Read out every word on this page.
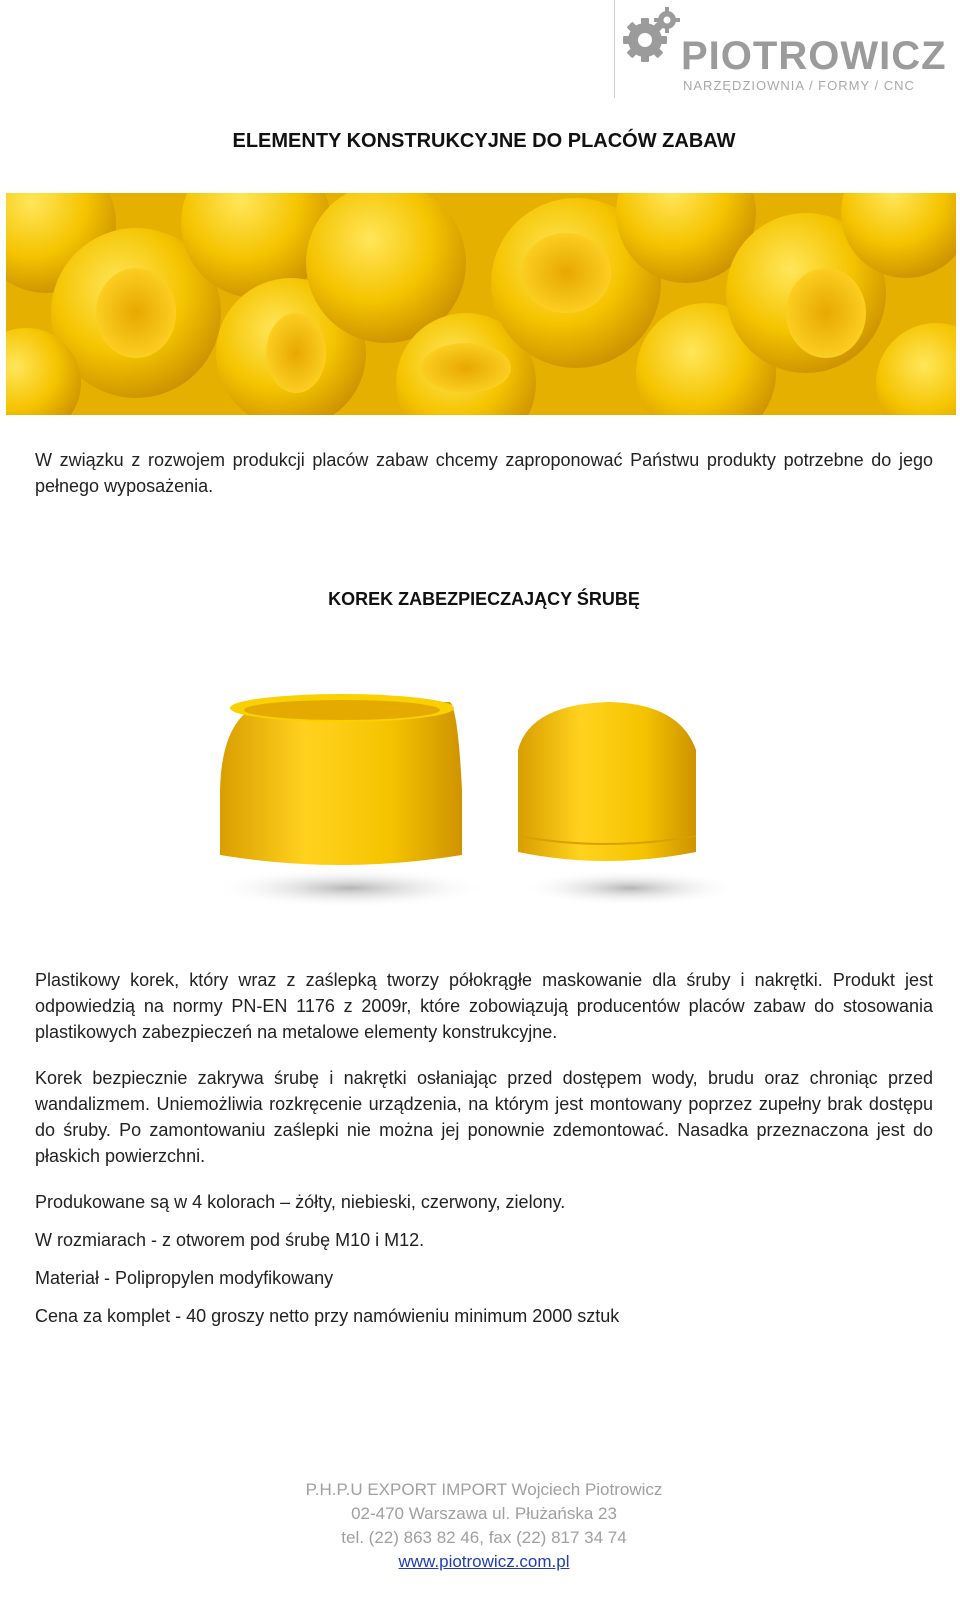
PIOTROWICZ
NARZĘDZIOWNIA / FORMY / CNC
ELEMENTY KONSTRUKCYJNE DO PLACÓW ZABAW
W związku z rozwojem produkcji placów zabaw chcemy zaproponować Państwu produkty potrzebne do jego pełnego wyposażenia.
KOREK ZABEZPIECZAJĄCY ŚRUBĘ
Plastikowy korek, który wraz z zaślepką tworzy półokrągłe maskowanie dla śruby i nakrętki. Produkt jest odpowiedzią na normy PN-EN 1176 z 2009r, które zobowiązują producentów placów zabaw do stosowania plastikowych zabezpieczeń na metalowe elementy konstrukcyjne.
Korek bezpiecznie zakrywa śrubę i nakrętki osłaniając przed dostępem wody, brudu oraz chroniąc przed wandalizmem. Uniemożliwia rozkręcenie urządzenia, na którym jest montowany poprzez zupełny brak dostępu do śruby. Po zamontowaniu zaślepki nie można jej ponownie zdemontować. Nasadka przeznaczona jest do płaskich powierzchni.
Produkowane są w 4 kolorach – żółty, niebieski, czerwony, zielony.
W rozmiarach - z otworem pod śrubę M10 i M12.
Materiał - Polipropylen modyfikowany
Cena za komplet - 40 groszy netto przy namówieniu minimum 2000 sztuk
P.H.P.U EXPORT IMPORT Wojciech Piotrowicz
02-470 Warszawa ul. Płużańska 23
tel. (22) 863 82 46, fax (22) 817 34 74
www.piotrowicz.com.pl
